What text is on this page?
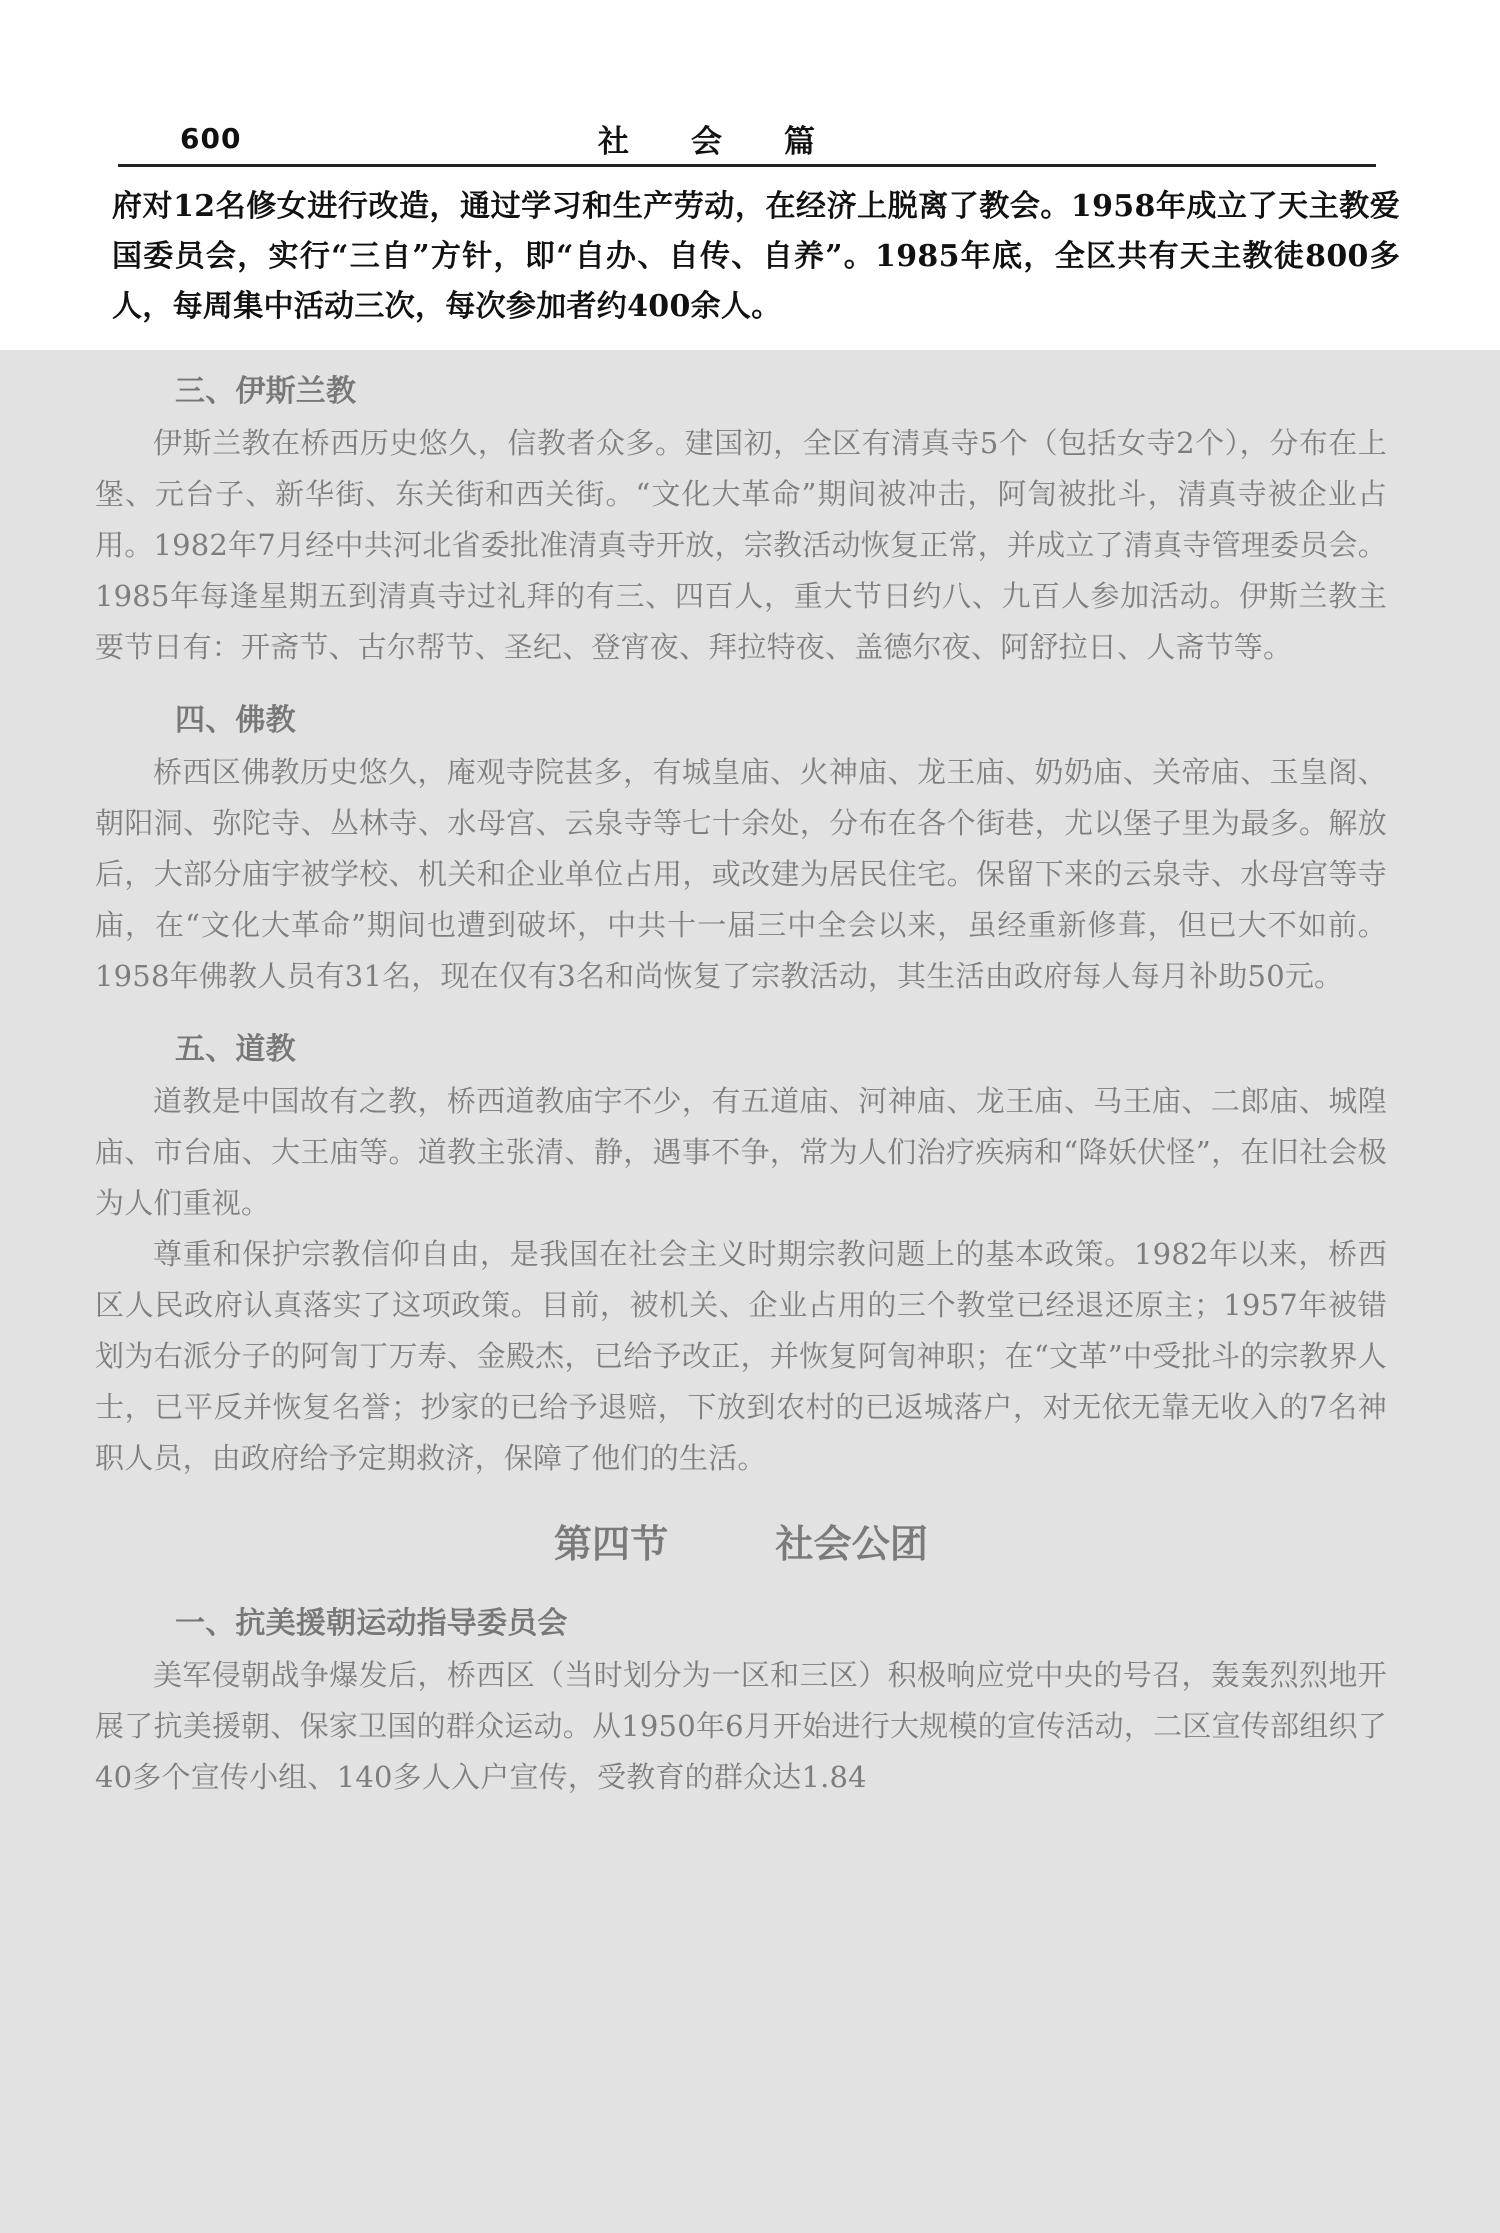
600	社会篇

府对12名修女进行改造，通过学习和生产劳动，在经济上脱离了教会。1958年成立了天主教爱国委员会，实行“三自”方针，即“自办、自传、自养”。1985年底，全区共有天主教徒800多人，每周集中活动三次，每次参加者约400余人。

三、伊斯兰教

伊斯兰教在桥西历史悠久，信教者众多。建国初，全区有清真寺5个（包括女寺2个），分布在上堡、元台子、新华街、东关街和西关街。“文化大革命”期间被冲击，阿訇被批斗，清真寺被企业占用。1982年7月经中共河北省委批准清真寺开放，宗教活动恢复正常，并成立了清真寺管理委员会。1985年每逢星期五到清真寺过礼拜的有三、四百人，重大节日约八、九百人参加活动。伊斯兰教主要节日有：开斋节、古尔帮节、圣纪、登宵夜、拜拉特夜、盖德尔夜、阿舒拉日、人斋节等。

四、佛教

桥西区佛教历史悠久，庵观寺院甚多，有城皇庙、火神庙、龙王庙、奶奶庙、关帝庙、玉皇阁、朝阳洞、弥陀寺、丛林寺、水母宫、云泉寺等七十余处，分布在各个街巷，尤以堡子里为最多。解放后，大部分庙宇被学校、机关和企业单位占用，或改建为居民住宅。保留下来的云泉寺、水母宫等寺庙，在“文化大革命”期间也遭到破坏，中共十一届三中全会以来，虽经重新修葺，但已大不如前。1958年佛教人员有31名，现在仅有3名和尚恢复了宗教活动，其生活由政府每人每月补助50元。

五、道教

道教是中国故有之教，桥西道教庙宇不少，有五道庙、河神庙、龙王庙、马王庙、二郎庙、城隍庙、市台庙、大王庙等。道教主张清、静，遇事不争，常为人们治疗疾病和“降妖伏怪”，在旧社会极为人们重视。

尊重和保护宗教信仰自由，是我国在社会主义时期宗教问题上的基本政策。1982年以来，桥西区人民政府认真落实了这项政策。目前，被机关、企业占用的三个教堂已经退还原主；1957年被错划为右派分子的阿訇丁万寿、金殿杰，已给予改正，并恢复阿訇神职；在“文革”中受批斗的宗教界人士，已平反并恢复名誉；抄家的已给予退赔，下放到农村的已返城落户，对无依无靠无收入的7名神职人员，由政府给予定期救济，保障了他们的生活。

第四节	社会公团
一、抗美援朝运动指导委员会

美军侵朝战争爆发后，桥西区（当时划分为一区和三区）积极响应党中央的号召，轰轰烈烈地开展了抗美援朝、保家卫国的群众运动。从1950年6月开始进行大规模的宣传活动，二区宣传部组织了40多个宣传小组、140多人入户宣传，受教育的群众达1.84
